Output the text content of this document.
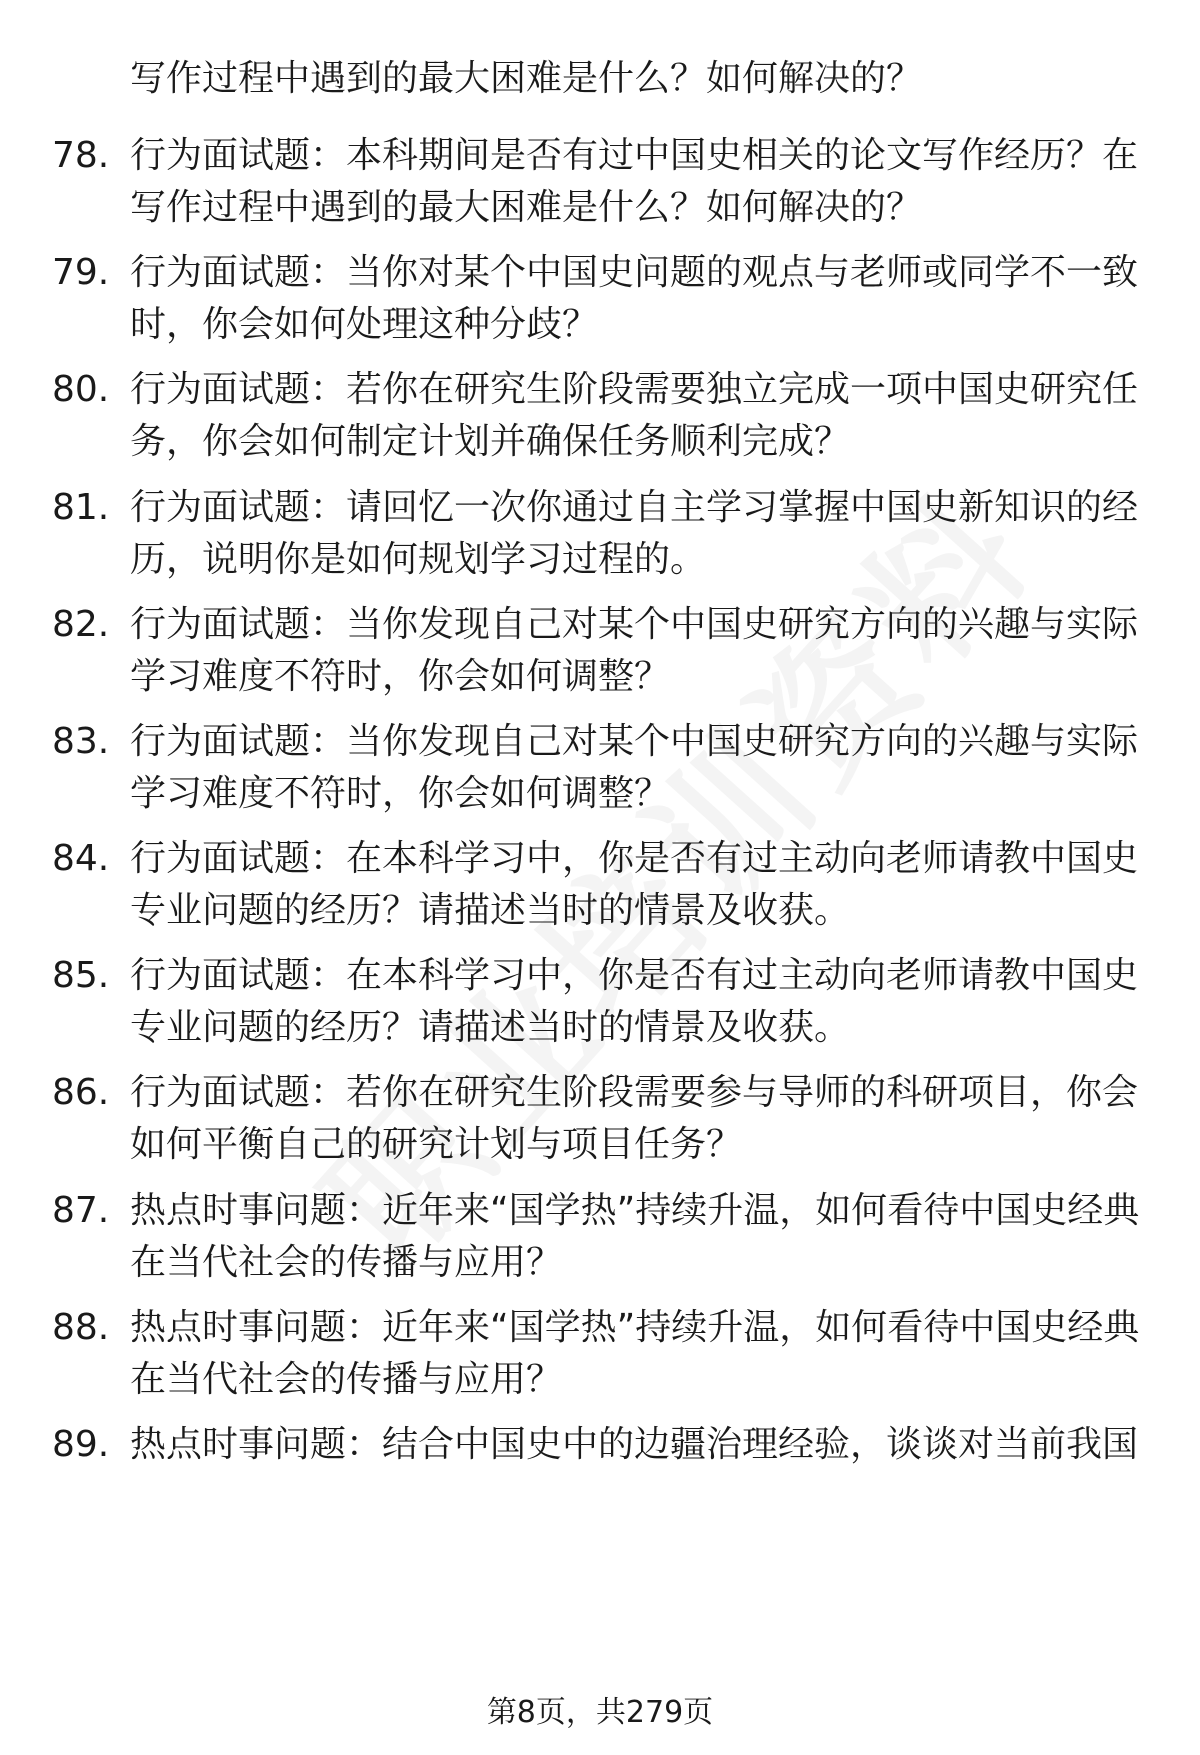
写作过程中遇到的最大困难是什么？如何解决的？
78. 行为面试题：本科期间是否有过中国史相关的论文写作经历？在写作过程中遇到的最大困难是什么？如何解决的？
79. 行为面试题：当你对某个中国史问题的观点与老师或同学不一致时，你会如何处理这种分歧？
80. 行为面试题：若你在研究生阶段需要独立完成一项中国史研究任务，你会如何制定计划并确保任务顺利完成？
81. 行为面试题：请回忆一次你通过自主学习掌握中国史新知识的经历，说明你是如何规划学习过程的。
82. 行为面试题：当你发现自己对某个中国史研究方向的兴趣与实际学习难度不符时，你会如何调整？
83. 行为面试题：当你发现自己对某个中国史研究方向的兴趣与实际学习难度不符时，你会如何调整？
84. 行为面试题：在本科学习中，你是否有过主动向老师请教中国史专业问题的经历？请描述当时的情景及收获。
85. 行为面试题：在本科学习中，你是否有过主动向老师请教中国史专业问题的经历？请描述当时的情景及收获。
86. 行为面试题：若你在研究生阶段需要参与导师的科研项目，你会如何平衡自己的研究计划与项目任务？
87. 热点时事问题：近年来“国学热”持续升温，如何看待中国史经典在当代社会的传播与应用？
88. 热点时事问题：近年来“国学热”持续升温，如何看待中国史经典在当代社会的传播与应用？
89. 热点时事问题：结合中国史中的边疆治理经验，谈谈对当前我国
第8页，共279页
